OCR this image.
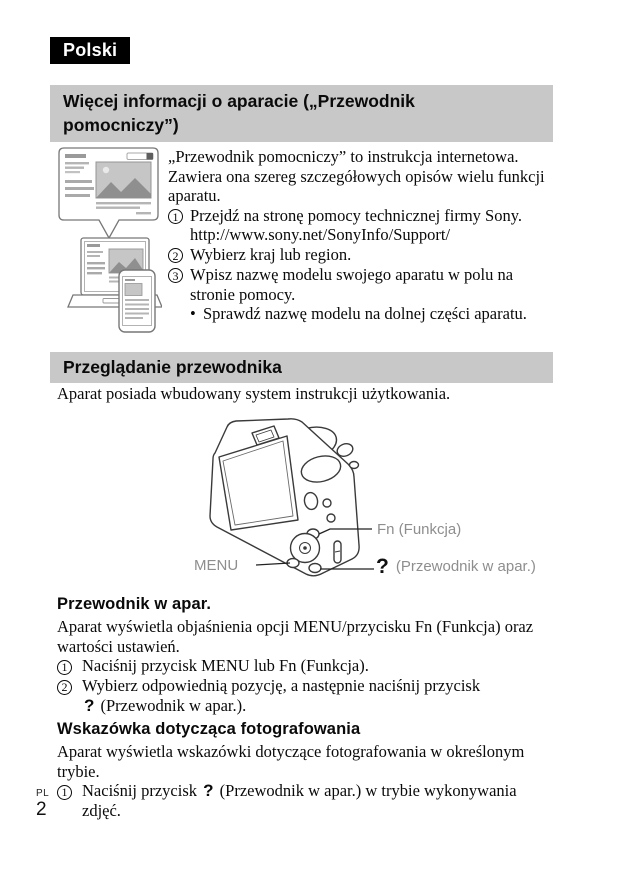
Polski
Więcej informacji o aparacie („Przewodnik
pomocniczy”)
„Przewodnik pomocniczy” to instrukcja internetowa.
Zawiera ona szereg szczegółowych opisów wielu funkcji
aparatu.
1 Przejdź na stronę pomocy technicznej firmy Sony.
http://www.sony.net/SonyInfo/Support/
2 Wybierz kraj lub region.
3 Wpisz nazwę modelu swojego aparatu w polu na
stronie pomocy.
• Sprawdź nazwę modelu na dolnej części aparatu.
Przeglądanie przewodnika
Aparat posiada wbudowany system instrukcji użytkowania.
MENU
Fn (Funkcja)
? (Przewodnik w apar.)
Przewodnik w apar.
Aparat wyświetla objaśnienia opcji MENU/przycisku Fn (Funkcja) oraz
wartości ustawień.
1 Naciśnij przycisk MENU lub Fn (Funkcja).
2 Wybierz odpowiednią pozycję, a następnie naciśnij przycisk
? (Przewodnik w apar.).
Wskazówka dotycząca fotografowania
Aparat wyświetla wskazówki dotyczące fotografowania w określonym
trybie.
1 Naciśnij przycisk ? (Przewodnik w apar.) w trybie wykonywania
zdjęć.
PL
2
